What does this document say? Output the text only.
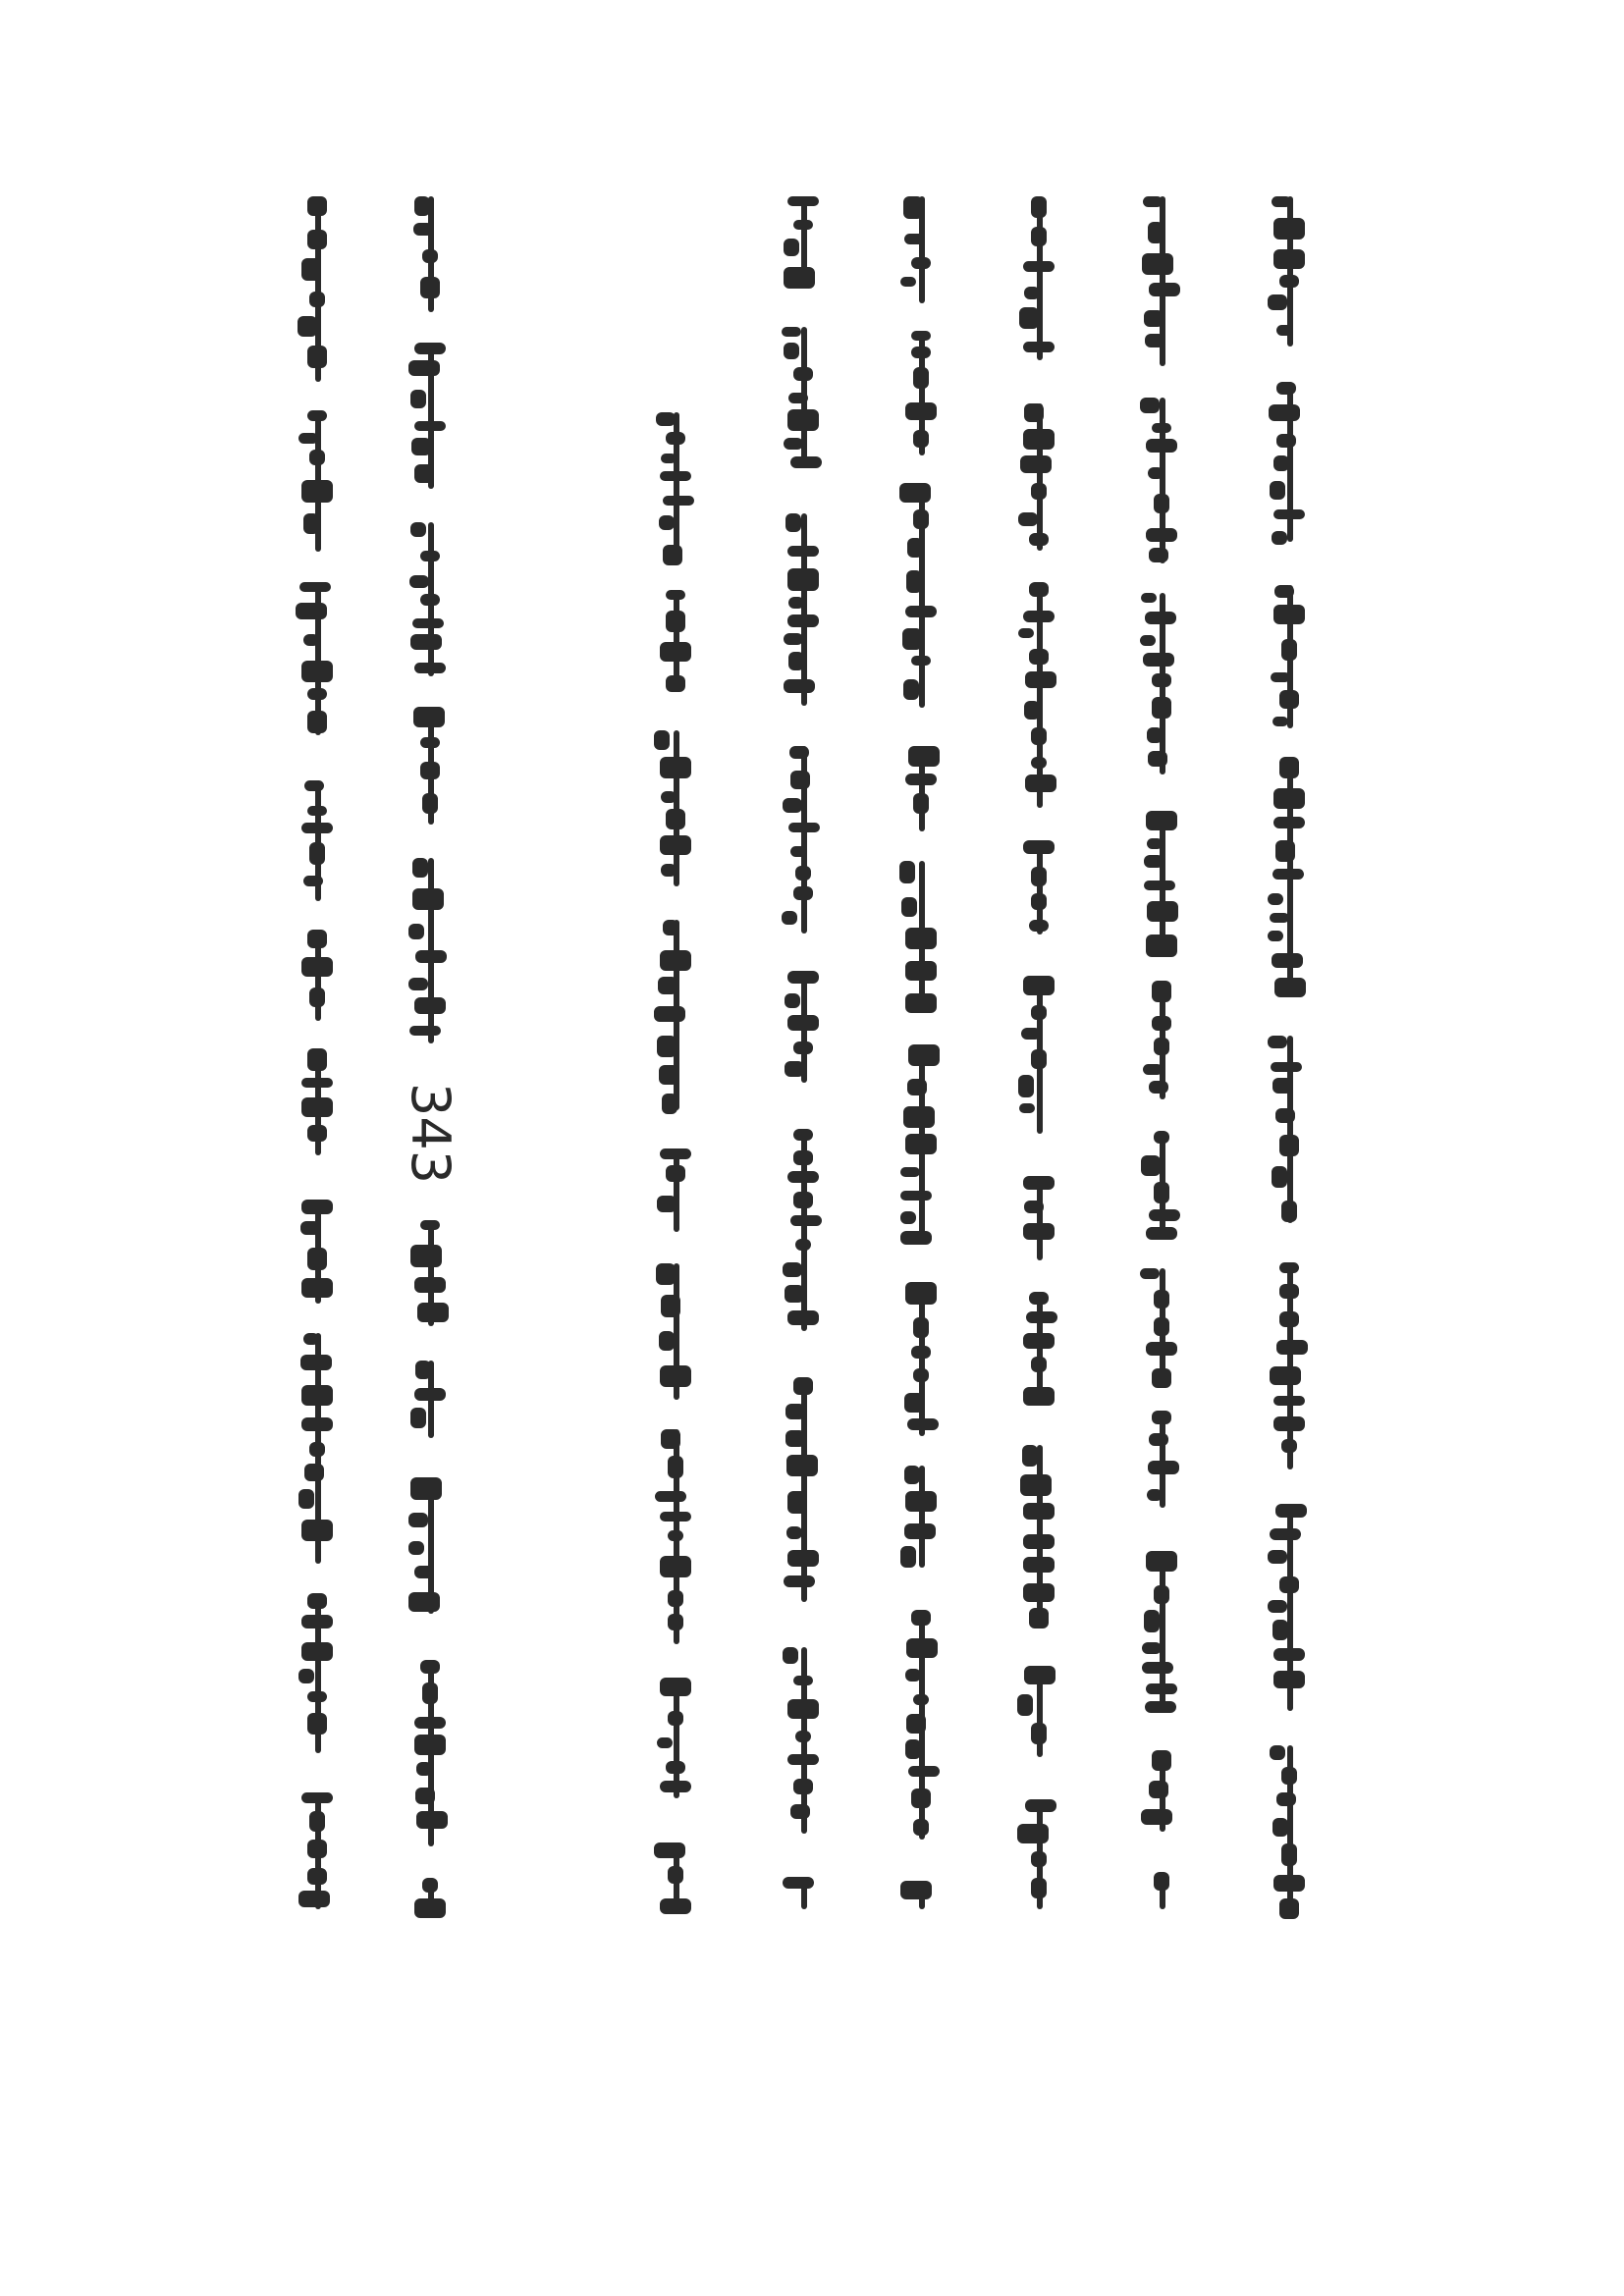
343
